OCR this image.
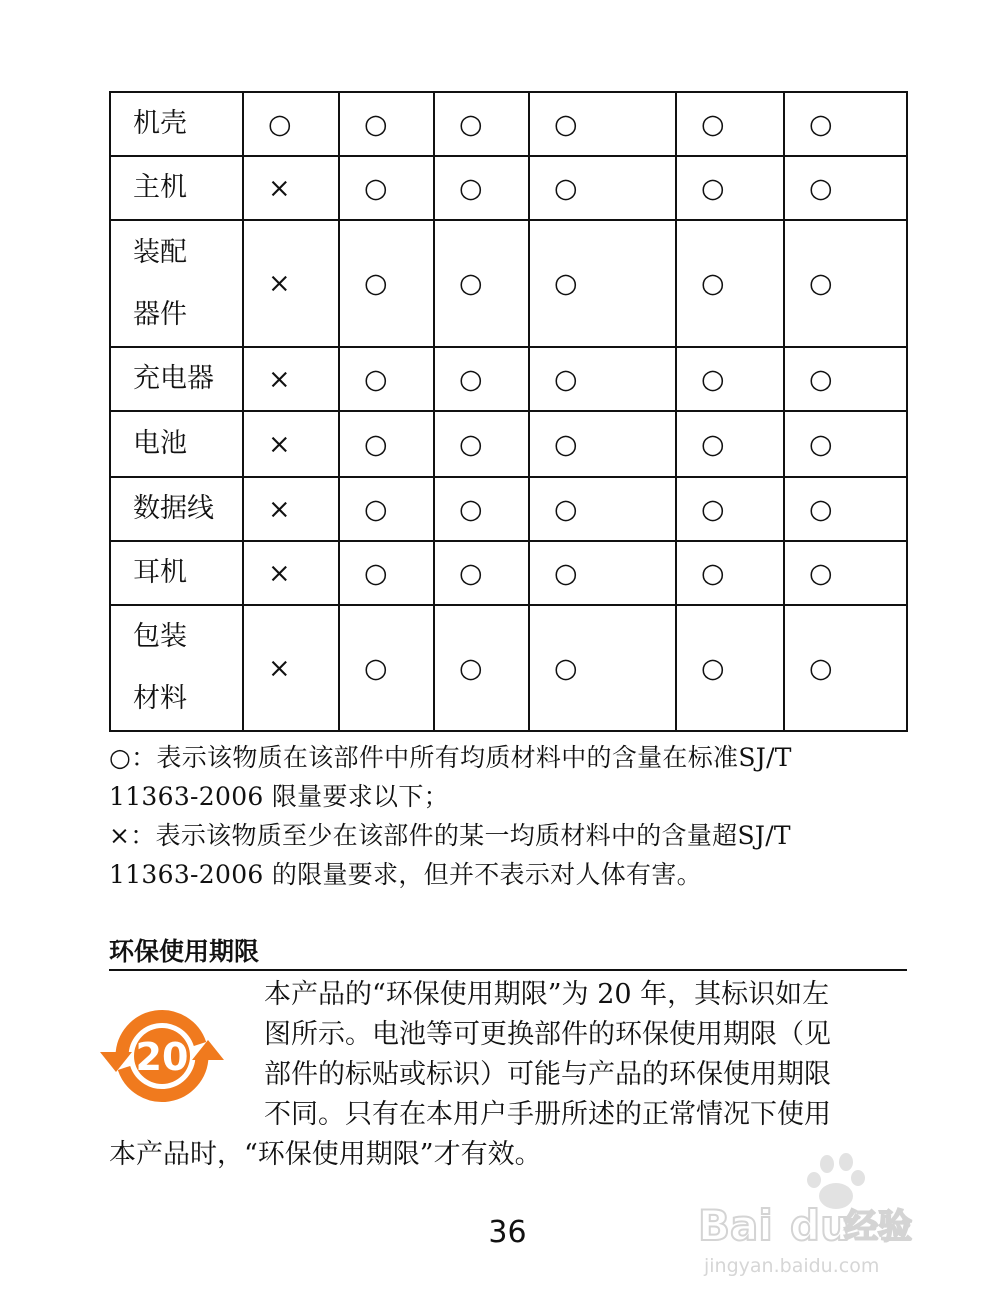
机壳	○	○	○	○	○	○

主机	×	○	○	○	○	○

装配
器件	×	○	○	○	○	○

充电器	×	○	○	○	○	○

电池	×	○	○	○	○	○

数据线	×	○	○	○	○	○

耳机	×	○	○	○	○	○

包装
材料	×	○	○	○	○	○

○：表示该物质在该部件中所有均质材料中的含量在标准SJ/T

11363-2006 限量要求以下；

×：表示该物质至少在该部件的某一均质材料中的含量超SJ/T

11363-2006 的限量要求，但并不表示对人体有害。

环保使用期限
20
本产品的“环保使用期限”为 20 年，其标识如左
图所示。电池等可更换部件的环保使用期限（见
部件的标贴或标识）可能与产品的环保使用期限
不同。只有在本用户手册所述的正常情况下使用
本产品时，“环保使用期限”才有效。
36	Bai du
经验
jingyan.baidu.com
